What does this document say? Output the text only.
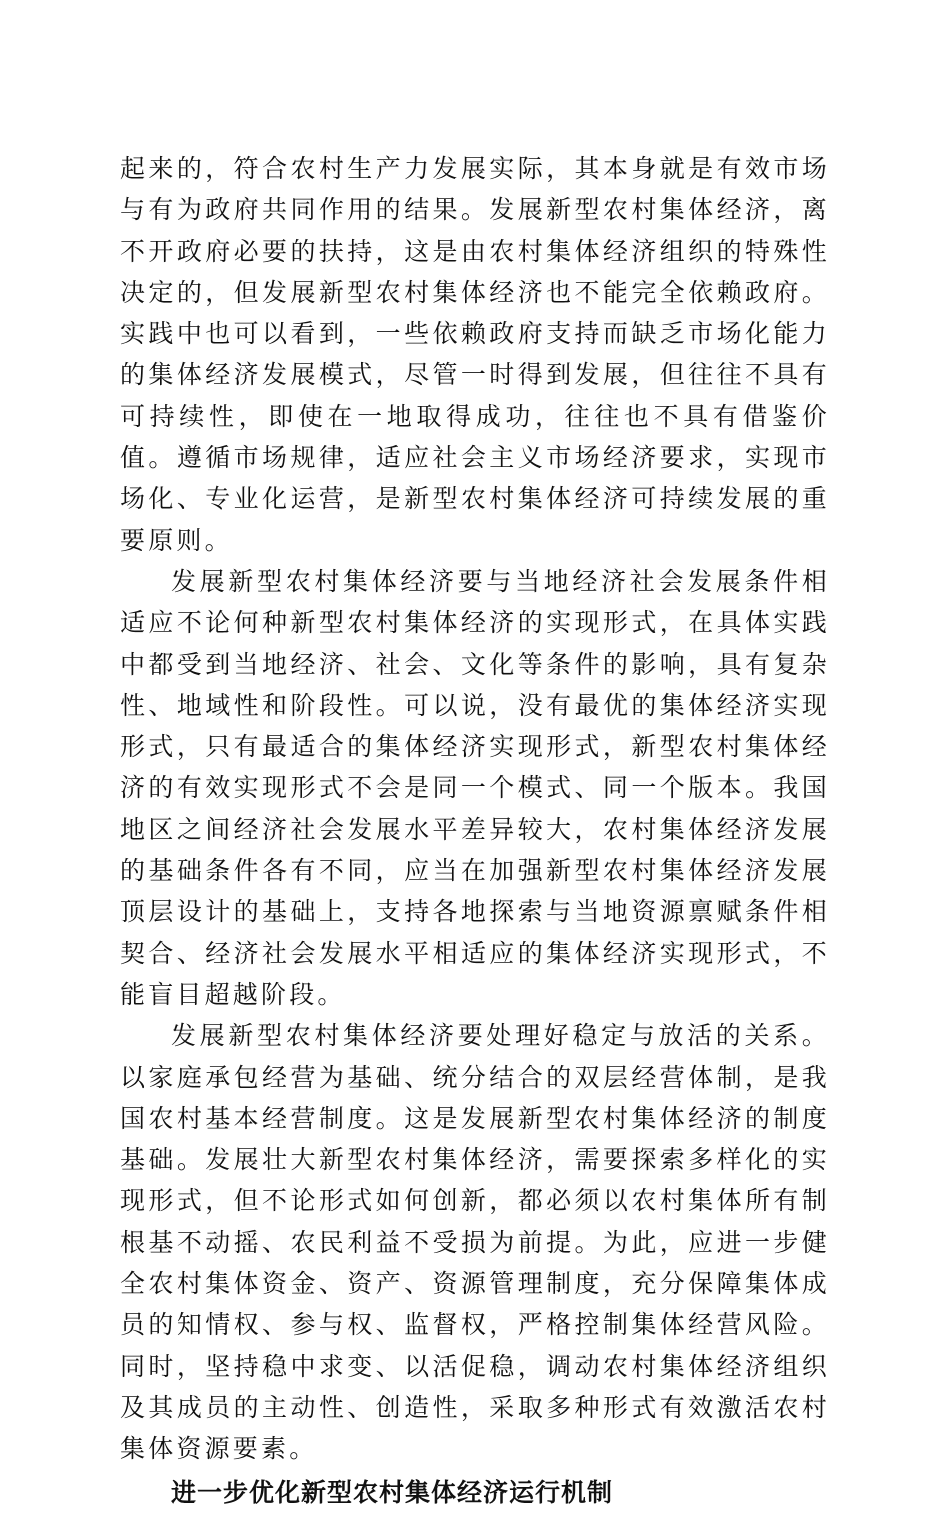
起来的，符合农村生产力发展实际，其本身就是有效市场与有为政府共同作用的结果。发展新型农村集体经济，离不开政府必要的扶持，这是由农村集体经济组织的特殊性决定的，但发展新型农村集体经济也不能完全依赖政府。实践中也可以看到，一些依赖政府支持而缺乏市场化能力的集体经济发展模式，尽管一时得到发展，但往往不具有可持续性，即使在一地取得成功，往往也不具有借鉴价值。遵循市场规律，适应社会主义市场经济要求，实现市场化、专业化运营，是新型农村集体经济可持续发展的重要原则。

发展新型农村集体经济要与当地经济社会发展条件相适应不论何种新型农村集体经济的实现形式，在具体实践中都受到当地经济、社会、文化等条件的影响，具有复杂性、地域性和阶段性。可以说，没有最优的集体经济实现形式，只有最适合的集体经济实现形式，新型农村集体经济的有效实现形式不会是同一个模式、同一个版本。我国地区之间经济社会发展水平差异较大，农村集体经济发展的基础条件各有不同，应当在加强新型农村集体经济发展顶层设计的基础上，支持各地探索与当地资源禀赋条件相契合、经济社会发展水平相适应的集体经济实现形式，不能盲目超越阶段。

发展新型农村集体经济要处理好稳定与放活的关系。以家庭承包经营为基础、统分结合的双层经营体制，是我国农村基本经营制度。这是发展新型农村集体经济的制度基础。发展壮大新型农村集体经济，需要探索多样化的实现形式，但不论形式如何创新，都必须以农村集体所有制根基不动摇、农民利益不受损为前提。为此，应进一步健全农村集体资金、资产、资源管理制度，充分保障集体成员的知情权、参与权、监督权，严格控制集体经营风险。同时，坚持稳中求变、以活促稳，调动农村集体经济组织及其成员的主动性、创造性，采取多种形式有效激活农村集体资源要素。

进一步优化新型农村集体经济运行机制
